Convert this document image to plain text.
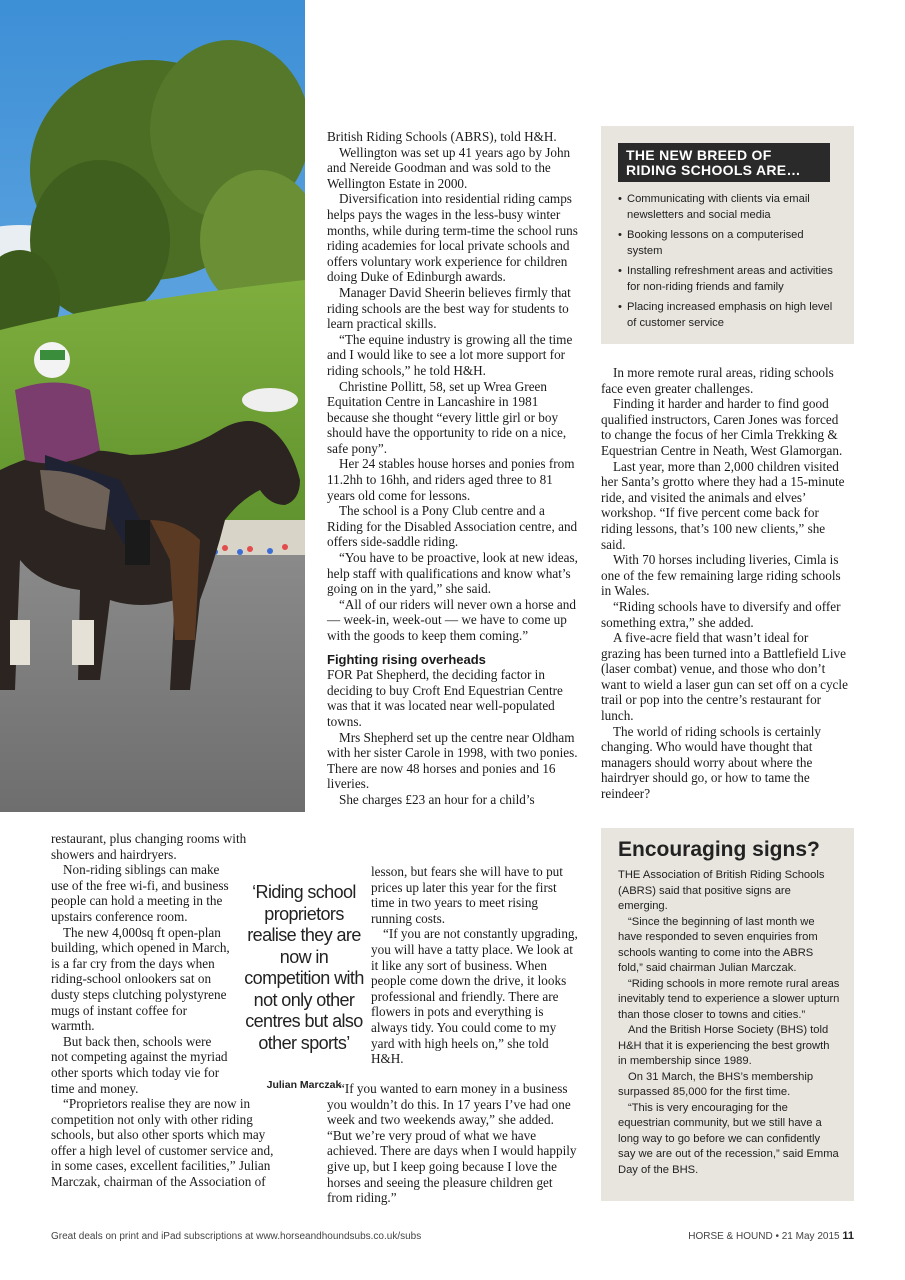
British Riding Schools (ABRS), told H&H.

Wellington was set up 41 years ago by John and Nereide Goodman and was sold to the Wellington Estate in 2000.

Diversification into residential riding camps helps pays the wages in the less-busy winter months, while during term-time the school runs riding academies for local private schools and offers voluntary work experience for children doing Duke of Edinburgh awards.

Manager David Sheerin believes firmly that riding schools are the best way for students to learn practical skills.

“The equine industry is growing all the time and I would like to see a lot more support for riding schools,” he told H&H.

Christine Pollitt, 58, set up Wrea Green Equitation Centre in Lancashire in 1981 because she thought “every little girl or boy should have the opportunity to ride on a nice, safe pony”.

Her 24 stables house horses and ponies from 11.2hh to 16hh, and riders aged three to 81 years old come for lessons.

The school is a Pony Club centre and a Riding for the Disabled Association centre, and offers side-saddle riding.

“You have to be proactive, look at new ideas, help staff with qualifications and know what’s going on in the yard,” she said.

“All of our riders will never own a horse and — week-in, week-out — we have to come up with the goods to keep them coming.”

Fighting rising overheads

FOR Pat Shepherd, the deciding factor in deciding to buy Croft End Equestrian Centre was that it was located near well-populated towns.

Mrs Shepherd set up the centre near Oldham with her sister Carole in 1998, with two ponies. There are now 48 horses and ponies and 16 liveries.

She charges £23 an hour for a child’s

lesson, but fears she will have to put prices up later this year for the first time in two years to meet rising running costs.

“If you are not constantly upgrading, you will have a tatty place. We look at it like any sort of business. When people come down the drive, it looks professional and friendly. There are flowers in pots and everything is always tidy. You could come to my yard with high heels on,” she told H&H.

“If you wanted to earn money in a business you wouldn’t do this. In 17 years I’ve had one week and two weekends away,” she added. “But we’re very proud of what we have achieved. There are days when I would happily give up, but I keep going because I love the horses and seeing the pleasure children get from riding.”

restaurant, plus changing rooms with showers and hairdryers.

Non-riding siblings can make use of the free wi-fi, and business people can hold a meeting in the upstairs conference room.

The new 4,000sq ft open-plan building, which opened in March, is a far cry from the days when riding-school onlookers sat on dusty steps clutching polystyrene mugs of instant coffee for warmth.

But back then, schools were not competing against the myriad other sports which today vie for time and money.

“Proprietors realise they are now in competition not only with other riding schools, but also other sports which may offer a high level of customer service and, in some cases, excellent facilities,” Julian Marczak, chairman of the Association of

‘Riding school proprietors realise they are now in competition with not only other centres but also other sports’
Julian Marczak
THE NEW BREED OF RIDING SCHOOLS ARE…
• Communicating with clients via email newsletters and social media
• Booking lessons on a computerised system
• Installing refreshment areas and activities for non-riding friends and family
• Placing increased emphasis on high level of customer service

In more remote rural areas, riding schools face even greater challenges.

Finding it harder and harder to find good qualified instructors, Caren Jones was forced to change the focus of her Cimla Trekking & Equestrian Centre in Neath, West Glamorgan.

Last year, more than 2,000 children visited her Santa’s grotto where they had a 15-minute ride, and visited the animals and elves’ workshop. “If five percent come back for riding lessons, that’s 100 new clients,” she said.

With 70 horses including liveries, Cimla is one of the few remaining large riding schools in Wales.

“Riding schools have to diversify and offer something extra,” she added.

A five-acre field that wasn’t ideal for grazing has been turned into a Battlefield Live (laser combat) venue, and those who don’t want to wield a laser gun can set off on a cycle trail or pop into the centre’s restaurant for lunch.

The world of riding schools is certainly changing. Who would have thought that managers should worry about where the hairdryer should go, or how to tame the reindeer?

Encouraging signs?

THE Association of British Riding Schools (ABRS) said that positive signs are emerging.

“Since the beginning of last month we have responded to seven enquiries from schools wanting to come into the ABRS fold,” said chairman Julian Marczak.

“Riding schools in more remote rural areas inevitably tend to experience a slower upturn than those closer to towns and cities.”

And the British Horse Society (BHS) told H&H that it is experiencing the best growth in membership since 1989.

On 31 March, the BHS’s membership surpassed 85,000 for the first time.

“This is very encouraging for the equestrian community, but we still have a long way to go before we can confidently say we are out of the recession,” said Emma Day of the BHS.

Great deals on print and iPad subscriptions at www.horseandhoundsubs.co.uk/subs	HORSE & HOUND • 21 May 2015 11
